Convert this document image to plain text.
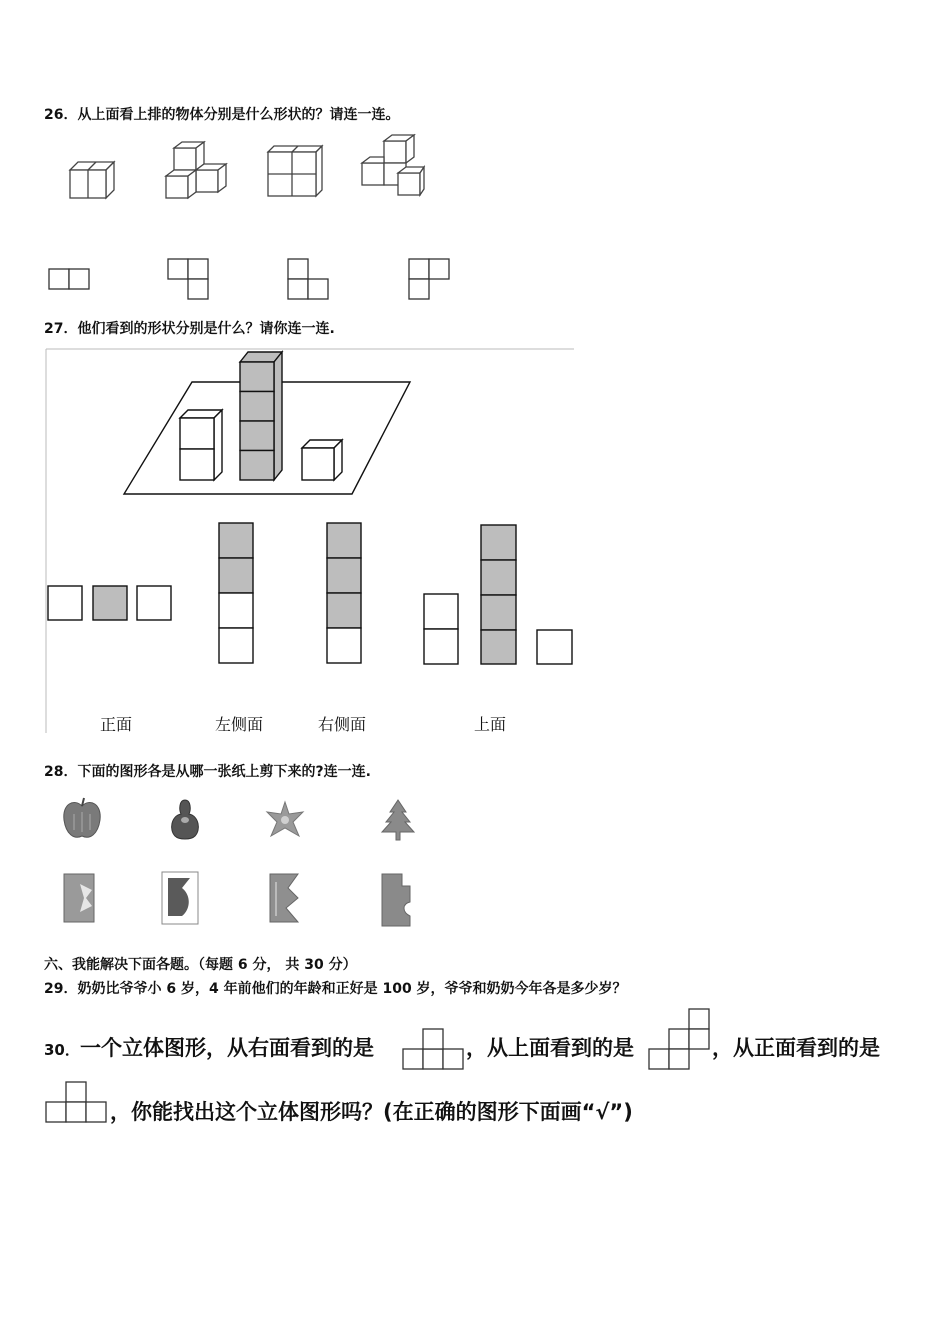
26．从上面看上排的物体分别是什么形状的？请连一连。
27．他们看到的形状分别是什么？请你连一连.
正面	左侧面	右侧面	上面
28．下面的图形各是从哪一张纸上剪下来的?连一连.
六、我能解决下面各题。（每题 6 分， 共 30 分）
29．奶奶比爷爷小 6 岁，4 年前他们的年龄和正好是 100 岁，爷爷和奶奶今年各是多少岁？
30． 一个立体图形，从右面看到的是	，从上面看到的是	，从正面看到的是
，你能找出这个立体图形吗？(在正确的图形下面画“√”)
